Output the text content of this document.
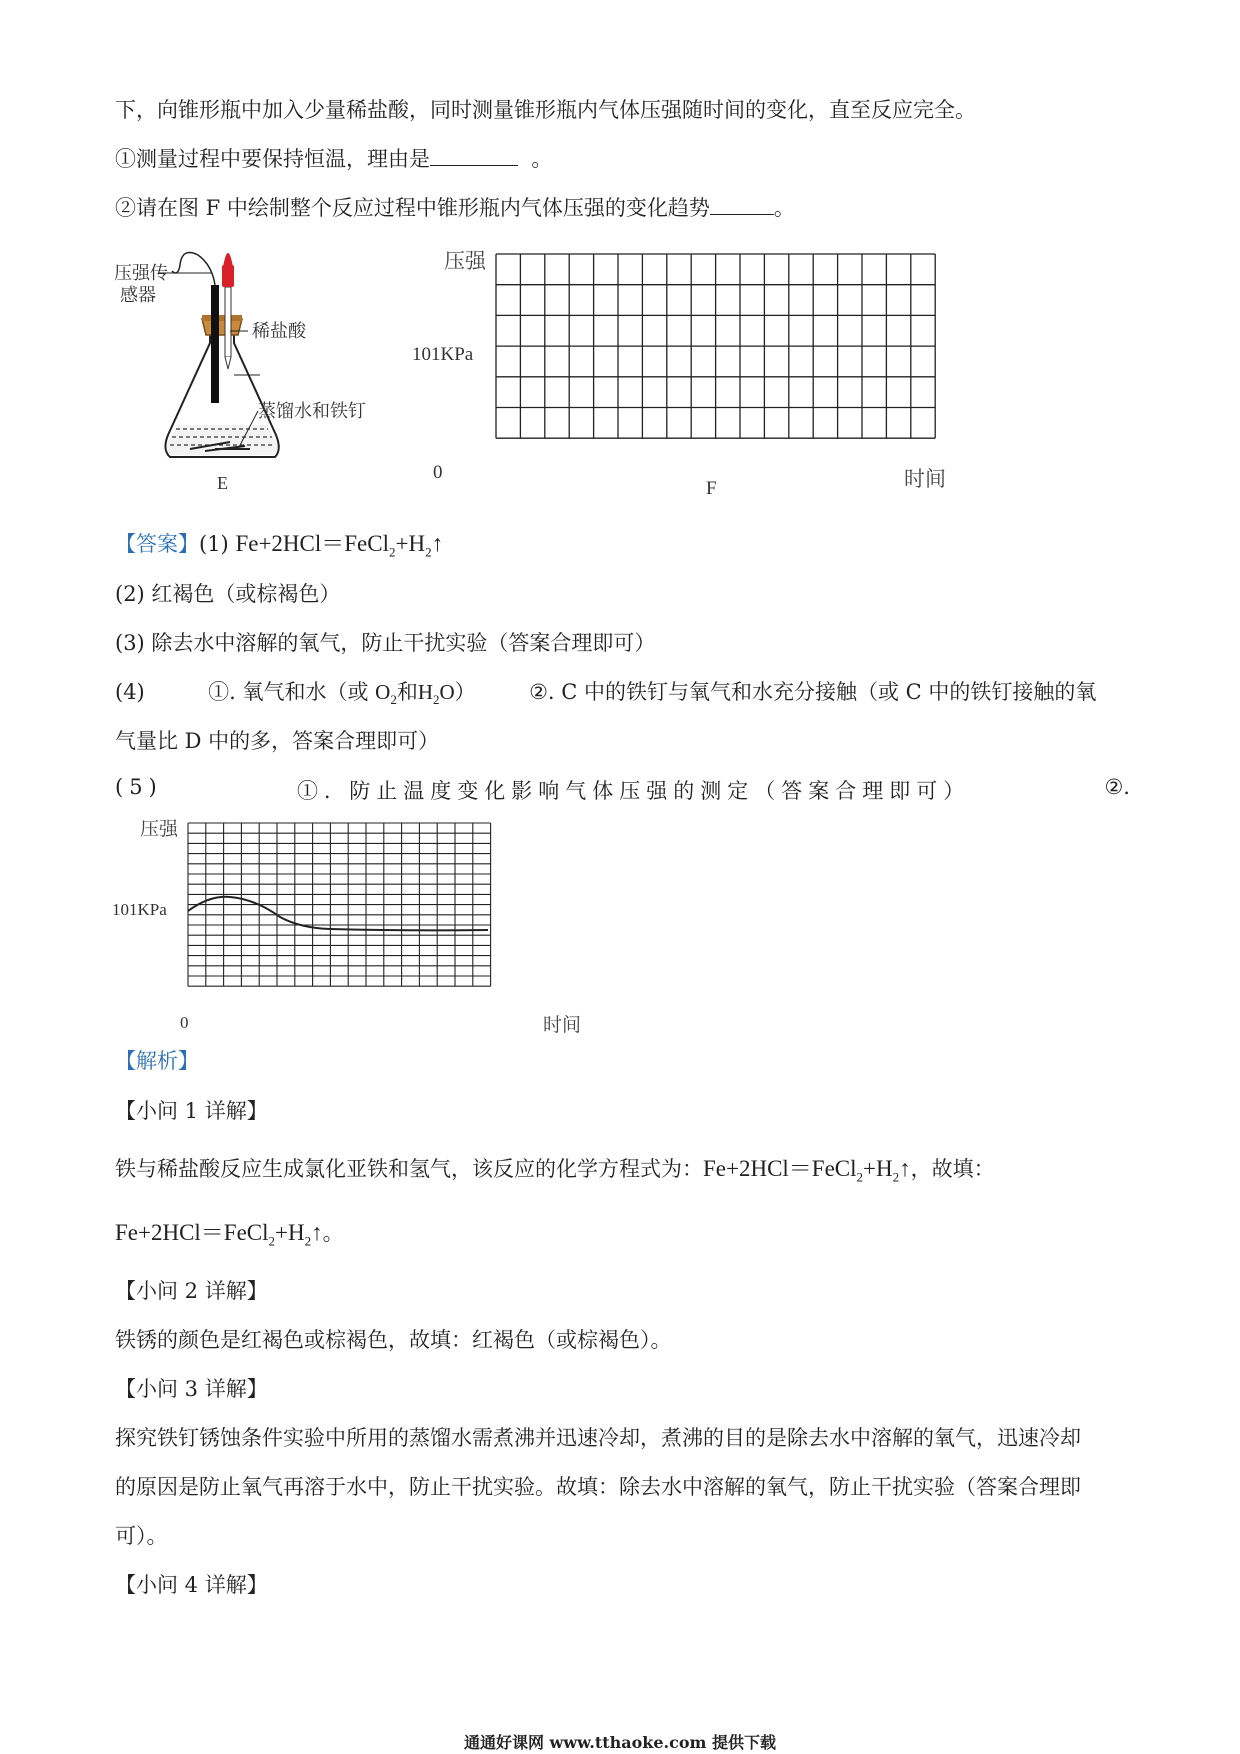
下，向锥形瓶中加入少量稀盐酸，同时测量锥形瓶内气体压强随时间的变化，直至反应完全。
①测量过程中要保持恒温，理由是	。
②请在图 F 中绘制整个反应过程中锥形瓶内气体压强的变化趋势	。
压强传
感器
稀盐酸
蒸馏水和铁钉
E
压强
101KPa
0
F	时间
【答案】(1) $Fe+2HCl=FeCl_2+H_2↑$
(2) 红褐色（或棕褐色）
(3) 除去水中溶解的氧气，防止干扰实验（答案合理即可）
(4)	①. 氧气和水（或 $O_2$和$H_2O$）	②. C 中的铁钉与氧气和水充分接触（或 C 中的铁钉接触的氧
气量比 D 中的多，答案合理即可）
(5)	①. 防止温度变化影响气体压强的测定（答案合理即可）	②.
压强
101KPa
0	时间
【解析】
【小问 1 详解】
铁与稀盐酸反应生成氯化亚铁和氢气，该反应的化学方程式为：$Fe+2HCl=FeCl_2+H_2↑$，故填：
$Fe+2HCl=FeCl_2+H_2↑$。
【小问 2 详解】
铁锈的颜色是红褐色或棕褐色，故填：红褐色（或棕褐色）。
【小问 3 详解】
探究铁钉锈蚀条件实验中所用的蒸馏水需煮沸并迅速冷却，煮沸的目的是除去水中溶解的氧气，迅速冷却
的原因是防止氧气再溶于水中，防止干扰实验。故填：除去水中溶解的氧气，防止干扰实验（答案合理即
可）。
【小问 4 详解】
通通好课网 www.tthaoke.com 提供下载
